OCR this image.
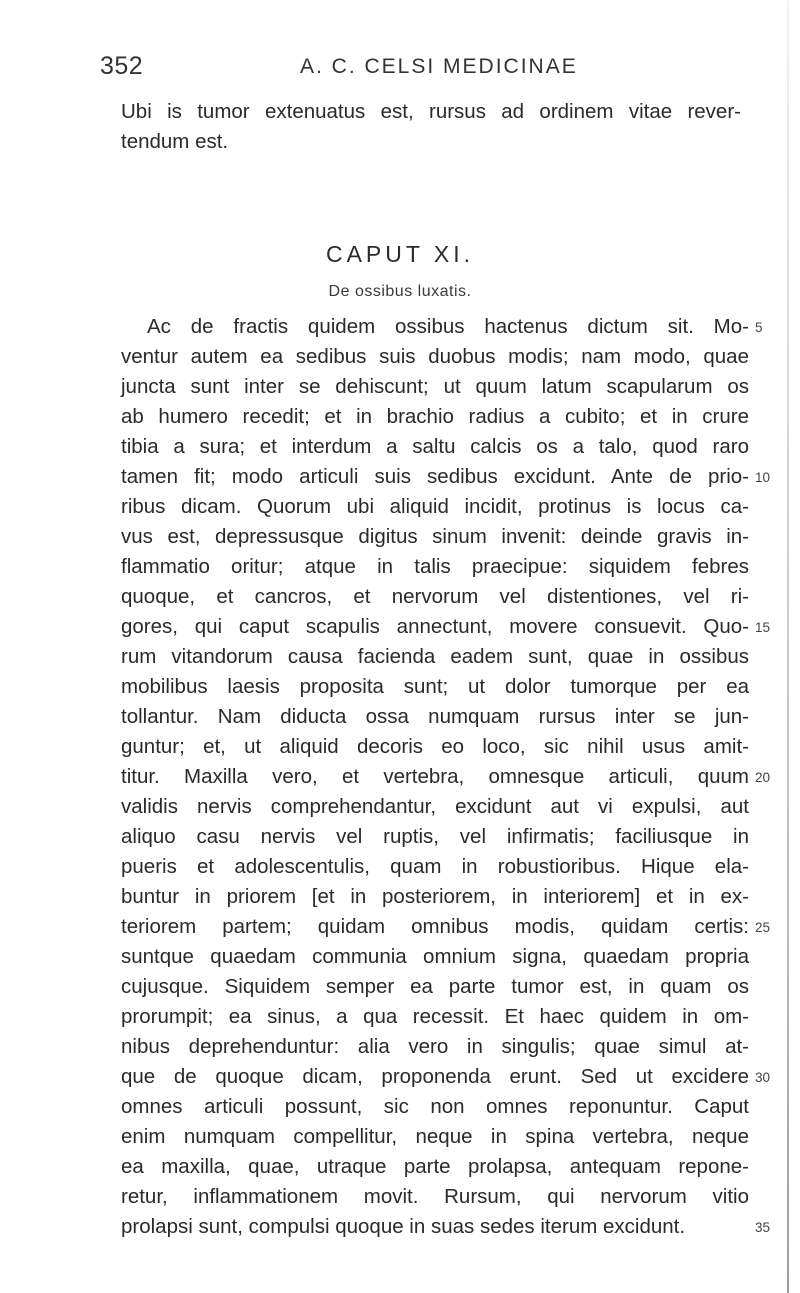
352	A. C. CELSI MEDICINAE
Ubi is tumor extenuatus est, rursus ad ordinem vitae rever-
tendum est.
CAPUT XI.
De ossibus luxatis.
Ac de fractis quidem ossibus hactenus dictum sit. Mo-
ventur autem ea sedibus suis duobus modis; nam modo, quae
juncta sunt inter se dehiscunt; ut quum latum scapularum os
ab humero recedit; et in brachio radius a cubito; et in crure
tibia a sura; et interdum a saltu calcis os a talo, quod raro
tamen fit; modo articuli suis sedibus excidunt. Ante de prio-
ribus dicam. Quorum ubi aliquid incidit, protinus is locus ca-
vus est, depressusque digitus sinum invenit: deinde gravis in-
flammatio oritur; atque in talis praecipue: siquidem febres
quoque, et cancros, et nervorum vel distentiones, vel ri-
gores, qui caput scapulis annectunt, movere consuevit. Quo-
rum vitandorum causa facienda eadem sunt, quae in ossibus
mobilibus laesis proposita sunt; ut dolor tumorque per ea
tollantur. Nam diducta ossa numquam rursus inter se jun-
guntur; et, ut aliquid decoris eo loco, sic nihil usus amit-
titur. Maxilla vero, et vertebra, omnesque articuli, quum
validis nervis comprehendantur, excidunt aut vi expulsi, aut
aliquo casu nervis vel ruptis, vel infirmatis; faciliusque in
pueris et adolescentulis, quam in robustioribus. Hique ela-
buntur in priorem [et in posteriorem, in interiorem] et in ex-
teriorem partem; quidam omnibus modis, quidam certis:
suntque quaedam communia omnium signa, quaedam propria
cujusque. Siquidem semper ea parte tumor est, in quam os
prorumpit; ea sinus, a qua recessit. Et haec quidem in om-
nibus deprehenduntur: alia vero in singulis; quae simul at-
que de quoque dicam, proponenda erunt. Sed ut excidere
omnes articuli possunt, sic non omnes reponuntur. Caput
enim numquam compellitur, neque in spina vertebra, neque
ea maxilla, quae, utraque parte prolapsa, antequam repone-
retur, inflammationem movit. Rursum, qui nervorum vitio
prolapsi sunt, compulsi quoque in suas sedes iterum excidunt.
5
10
15
20
25
30
35
